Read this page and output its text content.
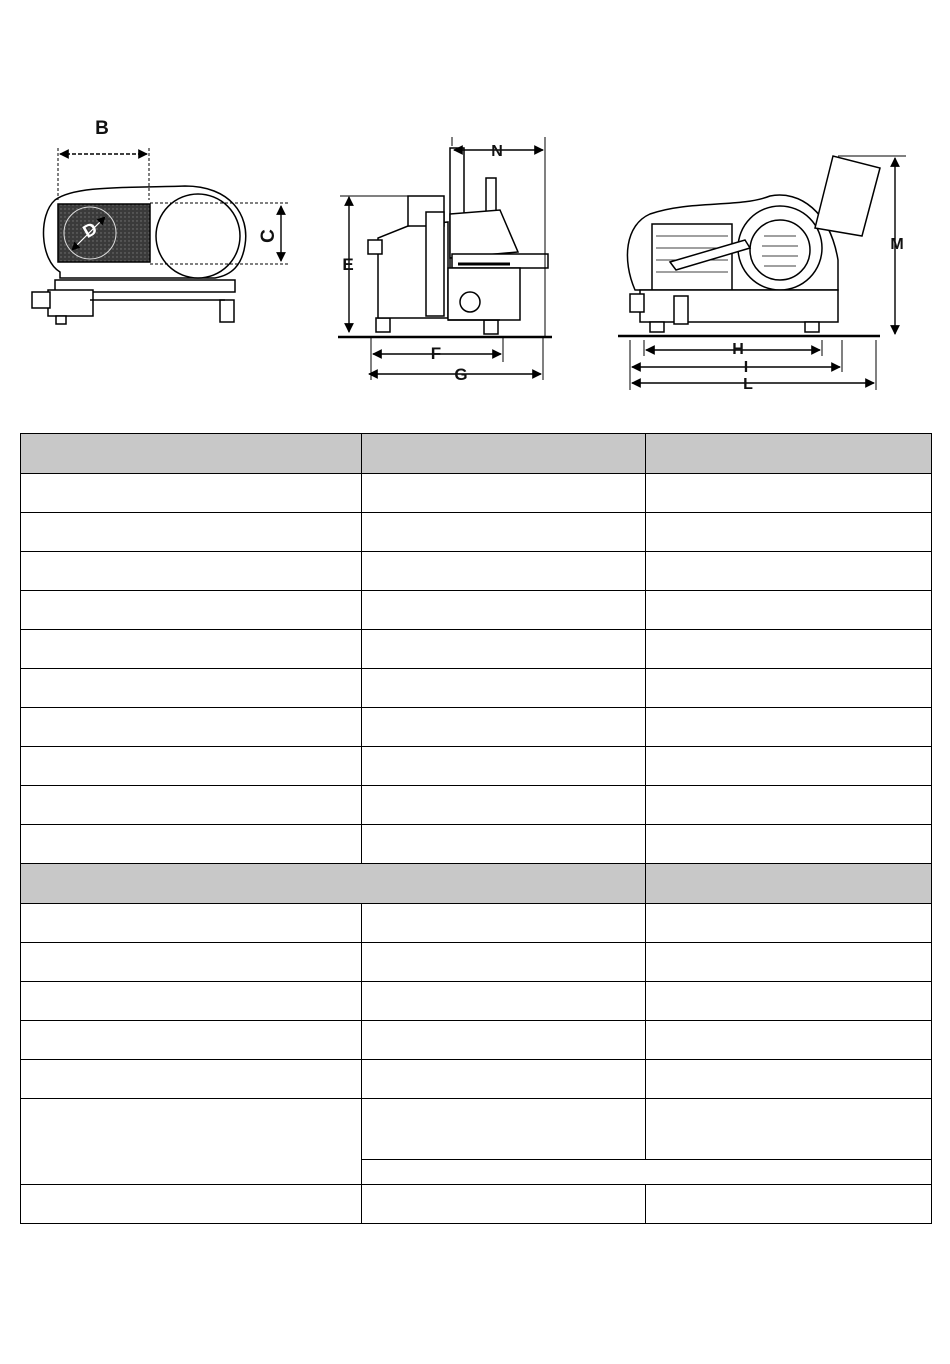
B
C
D
E
F
G
N
H
I
L
M
